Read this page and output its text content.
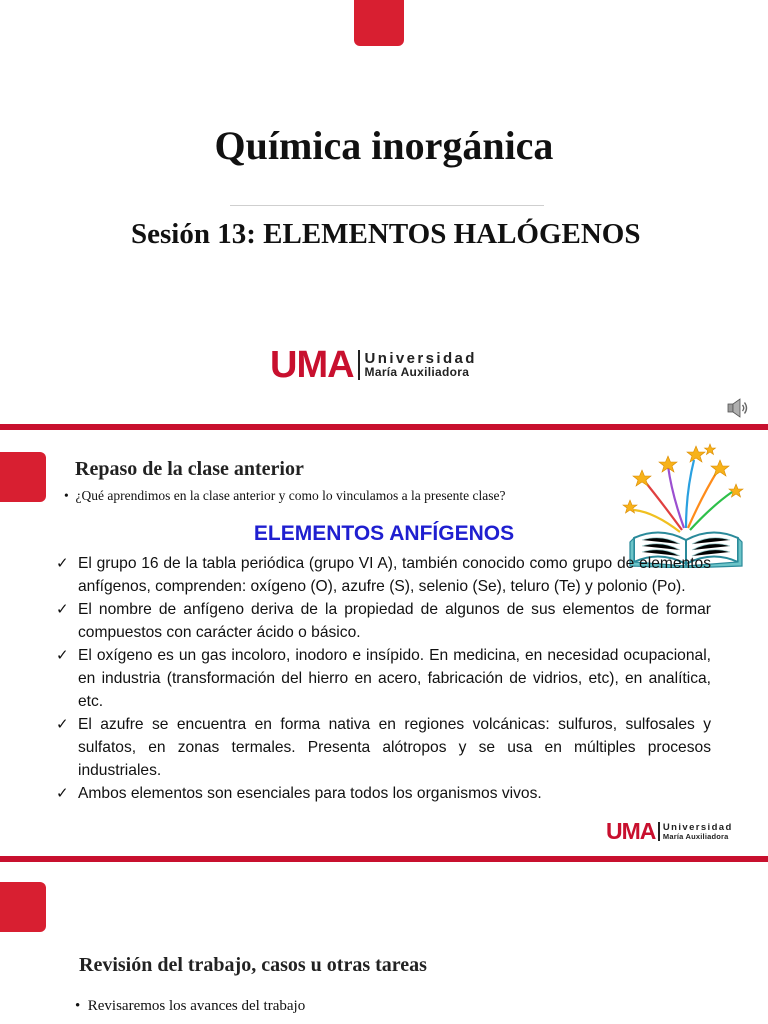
Química inorgánica
Sesión 13: ELEMENTOS HALÓGENOS
UMA Universidad
María Auxiliadora
Repaso de la clase anterior

• ¿Qué aprendimos en la clase anterior y como lo vinculamos a la presente clase?

ELEMENTOS ANFÍGENOS
✓ El grupo 16 de la tabla periódica (grupo VI A), también conocido como grupo de elementos anfígenos, comprenden: oxígeno (O), azufre (S), selenio (Se), teluro (Te) y polonio (Po).
✓ El nombre de anfígeno deriva de la propiedad de algunos de sus elementos de formar compuestos con carácter ácido o básico.
✓ El oxígeno es un gas incoloro, inodoro e insípido. En medicina, en necesidad ocupacional, en industria (transformación del hierro en acero, fabricación de vidrios, etc), en analítica, etc.
✓ El azufre se encuentra en forma nativa en regiones volcánicas: sulfuros, sulfosales y sulfatos, en zonas termales. Presenta alótropos y se usa en múltiples procesos industriales.
✓ Ambos elementos son esenciales para todos los organismos vivos.
UMA Universidad
María Auxiliadora
Revisión del trabajo, casos u otras tareas

• Revisaremos los avances del trabajo
